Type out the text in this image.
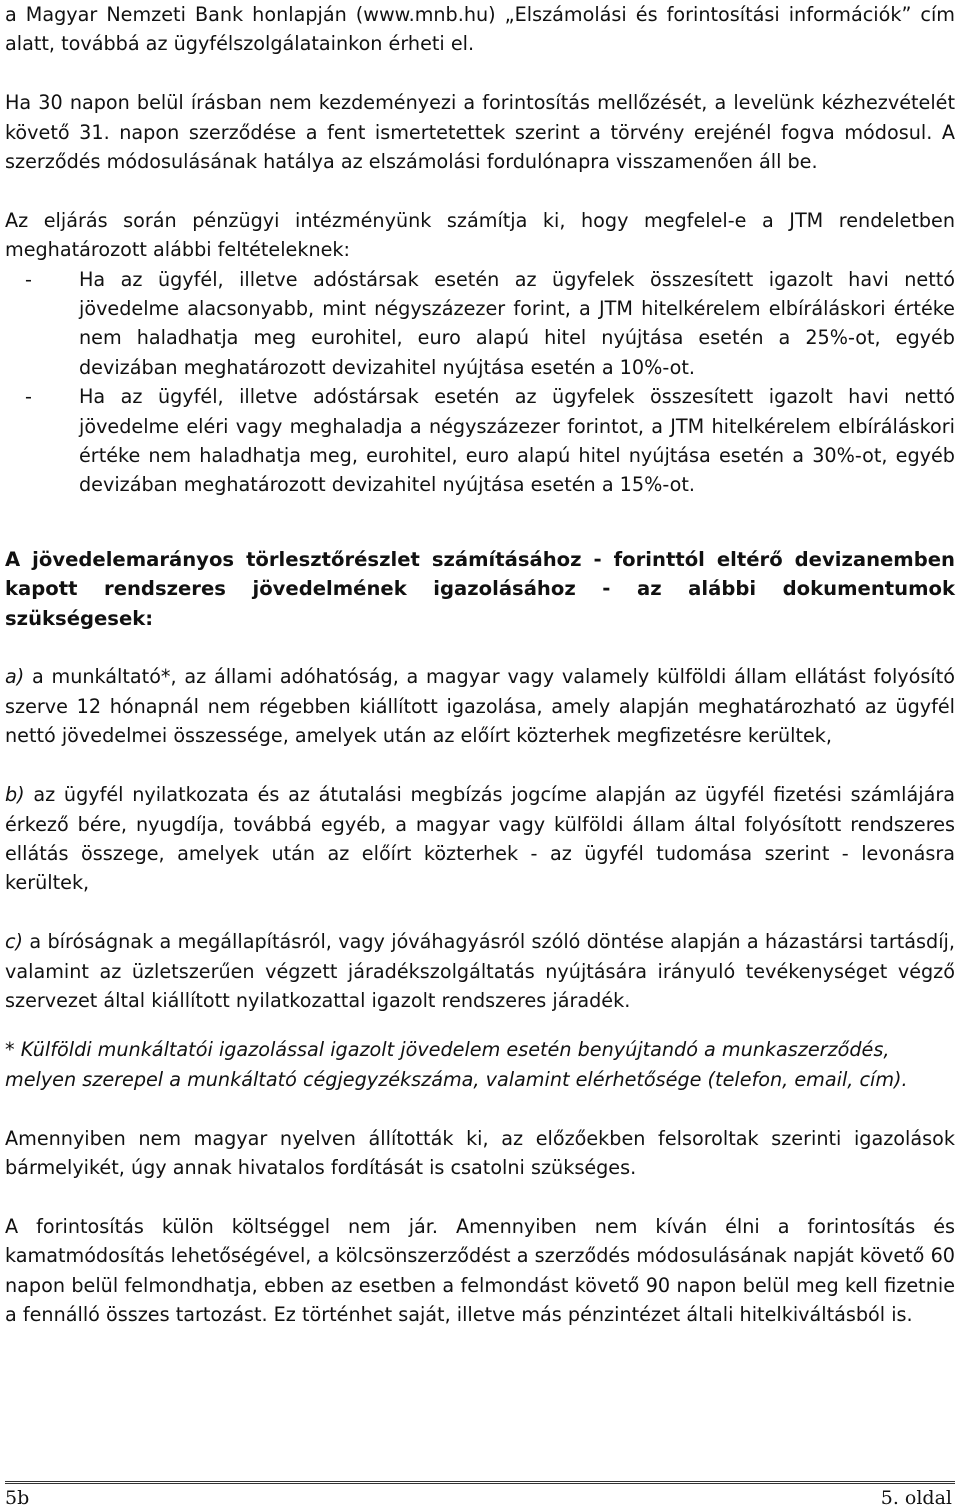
a Magyar Nemzeti Bank honlapján (www.mnb.hu) „Elszámolási és forintosítási információk” cím alatt, továbbá az ügyfélszolgálatainkon érheti el.

Ha 30 napon belül írásban nem kezdeményezi a forintosítás mellőzését, a levelünk kézhezvételét követő 31. napon szerződése a fent ismertetettek szerint a törvény erejénél fogva módosul. A szerződés módosulásának hatálya az elszámolási fordulónapra visszamenően áll be.

Az eljárás során pénzügyi intézményünk számítja ki, hogy megfelel-e a JTM rendeletben meghatározott alábbi feltételeknek:

- Ha az ügyfél, illetve adóstársak esetén az ügyfelek összesített igazolt havi nettó jövedelme alacsonyabb, mint négyszázezer forint, a JTM hitelkérelem elbíráláskori értéke nem haladhatja meg eurohitel, euro alapú hitel nyújtása esetén a 25%-ot, egyéb devizában meghatározott devizahitel nyújtása esetén a 10%-ot.
- Ha az ügyfél, illetve adóstársak esetén az ügyfelek összesített igazolt havi nettó jövedelme eléri vagy meghaladja a négyszázezer forintot, a JTM hitelkérelem elbíráláskori értéke nem haladhatja meg, eurohitel, euro alapú hitel nyújtása esetén a 30%-ot, egyéb devizában meghatározott devizahitel nyújtása esetén a 15%-ot.

A jövedelemarányos törlesztőrészlet számításához - forinttól eltérő devizanemben kapott rendszeres jövedelmének igazolásához - az alábbi dokumentumok szükségesek:

a) a munkáltató*, az állami adóhatóság, a magyar vagy valamely külföldi állam ellátást folyósító szerve 12 hónapnál nem régebben kiállított igazolása, amely alapján meghatározható az ügyfél nettó jövedelmei összessége, amelyek után az előírt közterhek megfizetésre kerültek,

b) az ügyfél nyilatkozata és az átutalási megbízás jogcíme alapján az ügyfél fizetési számlájára érkező bére, nyugdíja, továbbá egyéb, a magyar vagy külföldi állam által folyósított rendszeres ellátás összege, amelyek után az előírt közterhek - az ügyfél tudomása szerint - levonásra kerültek,

c) a bíróságnak a megállapításról, vagy jóváhagyásról szóló döntése alapján a házastársi tartásdíj, valamint az üzletszerűen végzett járadékszolgáltatás nyújtására irányuló tevékenységet végző szervezet által kiállított nyilatkozattal igazolt rendszeres járadék.

* Külföldi munkáltatói igazolással igazolt jövedelem esetén benyújtandó a munkaszerződés, melyen szerepel a munkáltató cégjegyzékszáma, valamint elérhetősége (telefon, email, cím).

Amennyiben nem magyar nyelven állították ki, az előzőekben felsoroltak szerinti igazolások bármelyikét, úgy annak hivatalos fordítását is csatolni szükséges.

A forintosítás külön költséggel nem jár. Amennyiben nem kíván élni a forintosítás és kamatmódosítás lehetőségével, a kölcsönszerződést a szerződés módosulásának napját követő 60 napon belül felmondhatja, ebben az esetben a felmondást követő 90 napon belül meg kell fizetnie a fennálló összes tartozást. Ez történhet saját, illetve más pénzintézet általi hitelkiváltásból is.

5b	5. oldal
